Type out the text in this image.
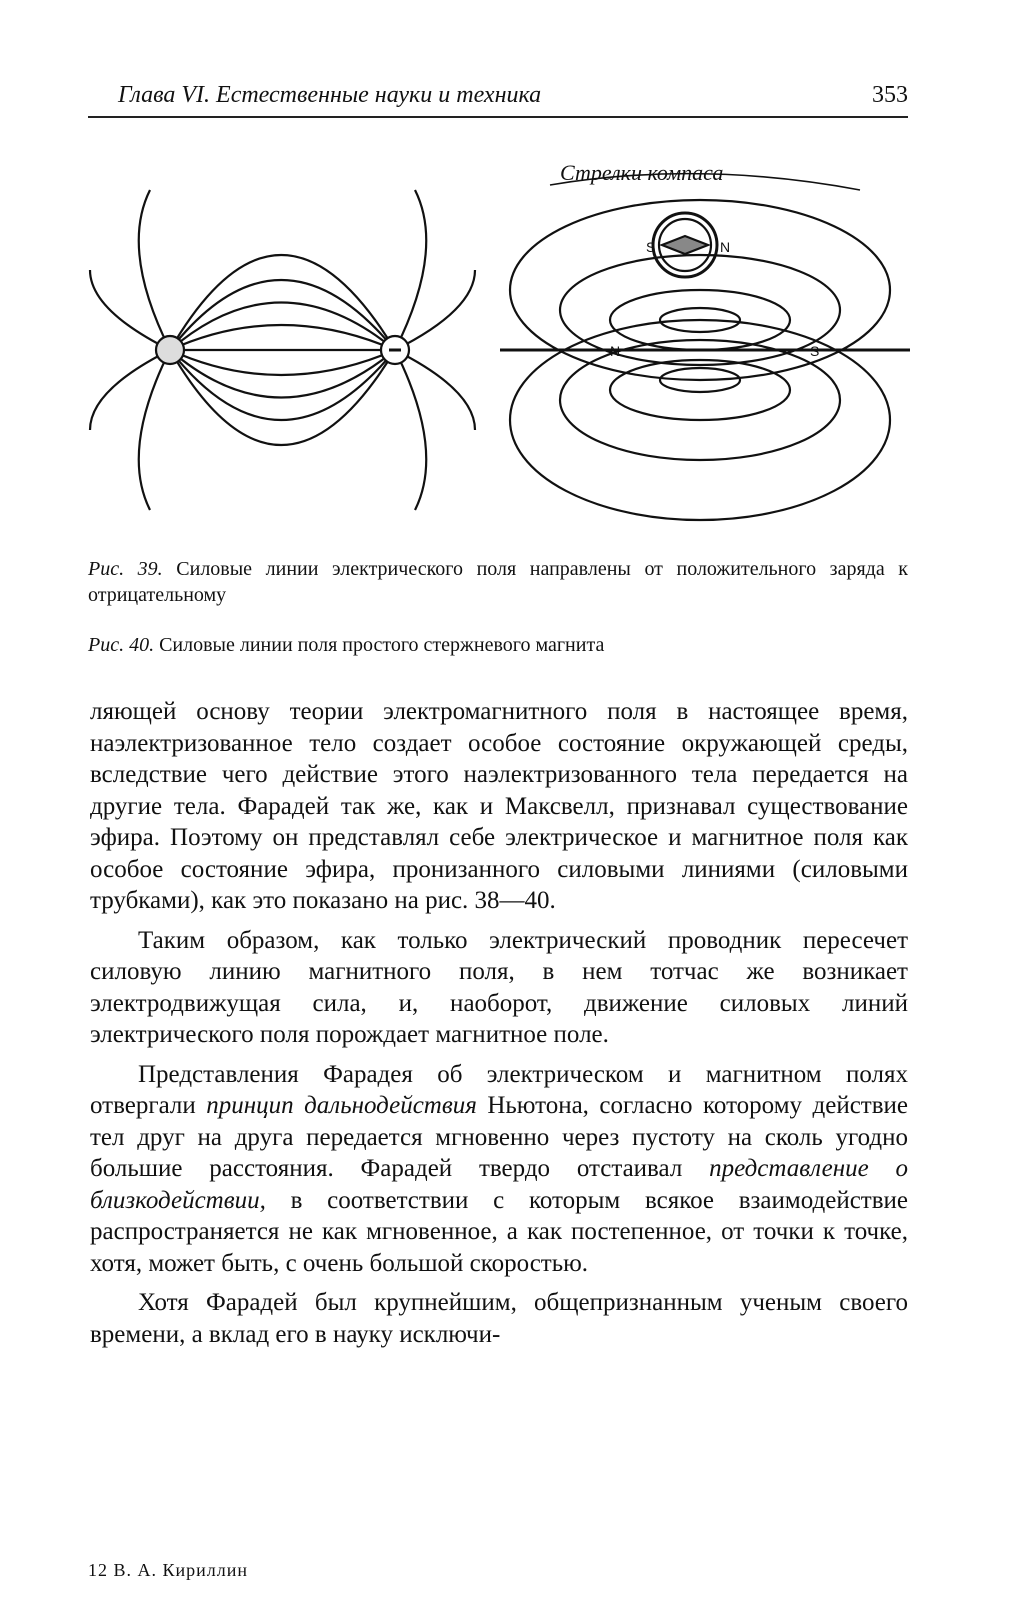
Глава VI. Естественные науки и техника	353
Стрелки компаса
N	S
S	N
Рис. 39. Силовые линии электрического поля направлены от положительного заряда к отрицательному
Рис. 40. Силовые линии поля простого стержневого магнита

ляющей основу теории электромагнитного поля в настоящее время, наэлектризованное тело создает особое состояние окружающей среды, вследствие чего действие этого наэлектризованного тела передается на другие тела. Фарадей так же, как и Максвелл, признавал существование эфира. Поэтому он представлял себе электрическое и магнитное поля как особое состояние эфира, пронизанного силовыми линиями (силовыми трубками), как это показано на рис. 38—40.

Таким образом, как только электрический проводник пересечет силовую линию магнитного поля, в нем тотчас же возникает электродвижущая сила, и, наоборот, движение силовых линий электрического поля порождает магнитное поле.

Представления Фарадея об электрическом и магнитном полях отвергали принцип дальнодействия Ньютона, согласно которому действие тел друг на друга передается мгновенно через пустоту на сколь угодно большие расстояния. Фарадей твердо отстаивал представление о близкодействии, в соответствии с которым всякое взаимодействие распространяется не как мгновенное, а как постепенное, от точки к точке, хотя, может быть, с очень большой скоростью.

Хотя Фарадей был крупнейшим, общепризнанным ученым своего времени, а вклад его в науку исключи-

12 В. А. Кириллин
